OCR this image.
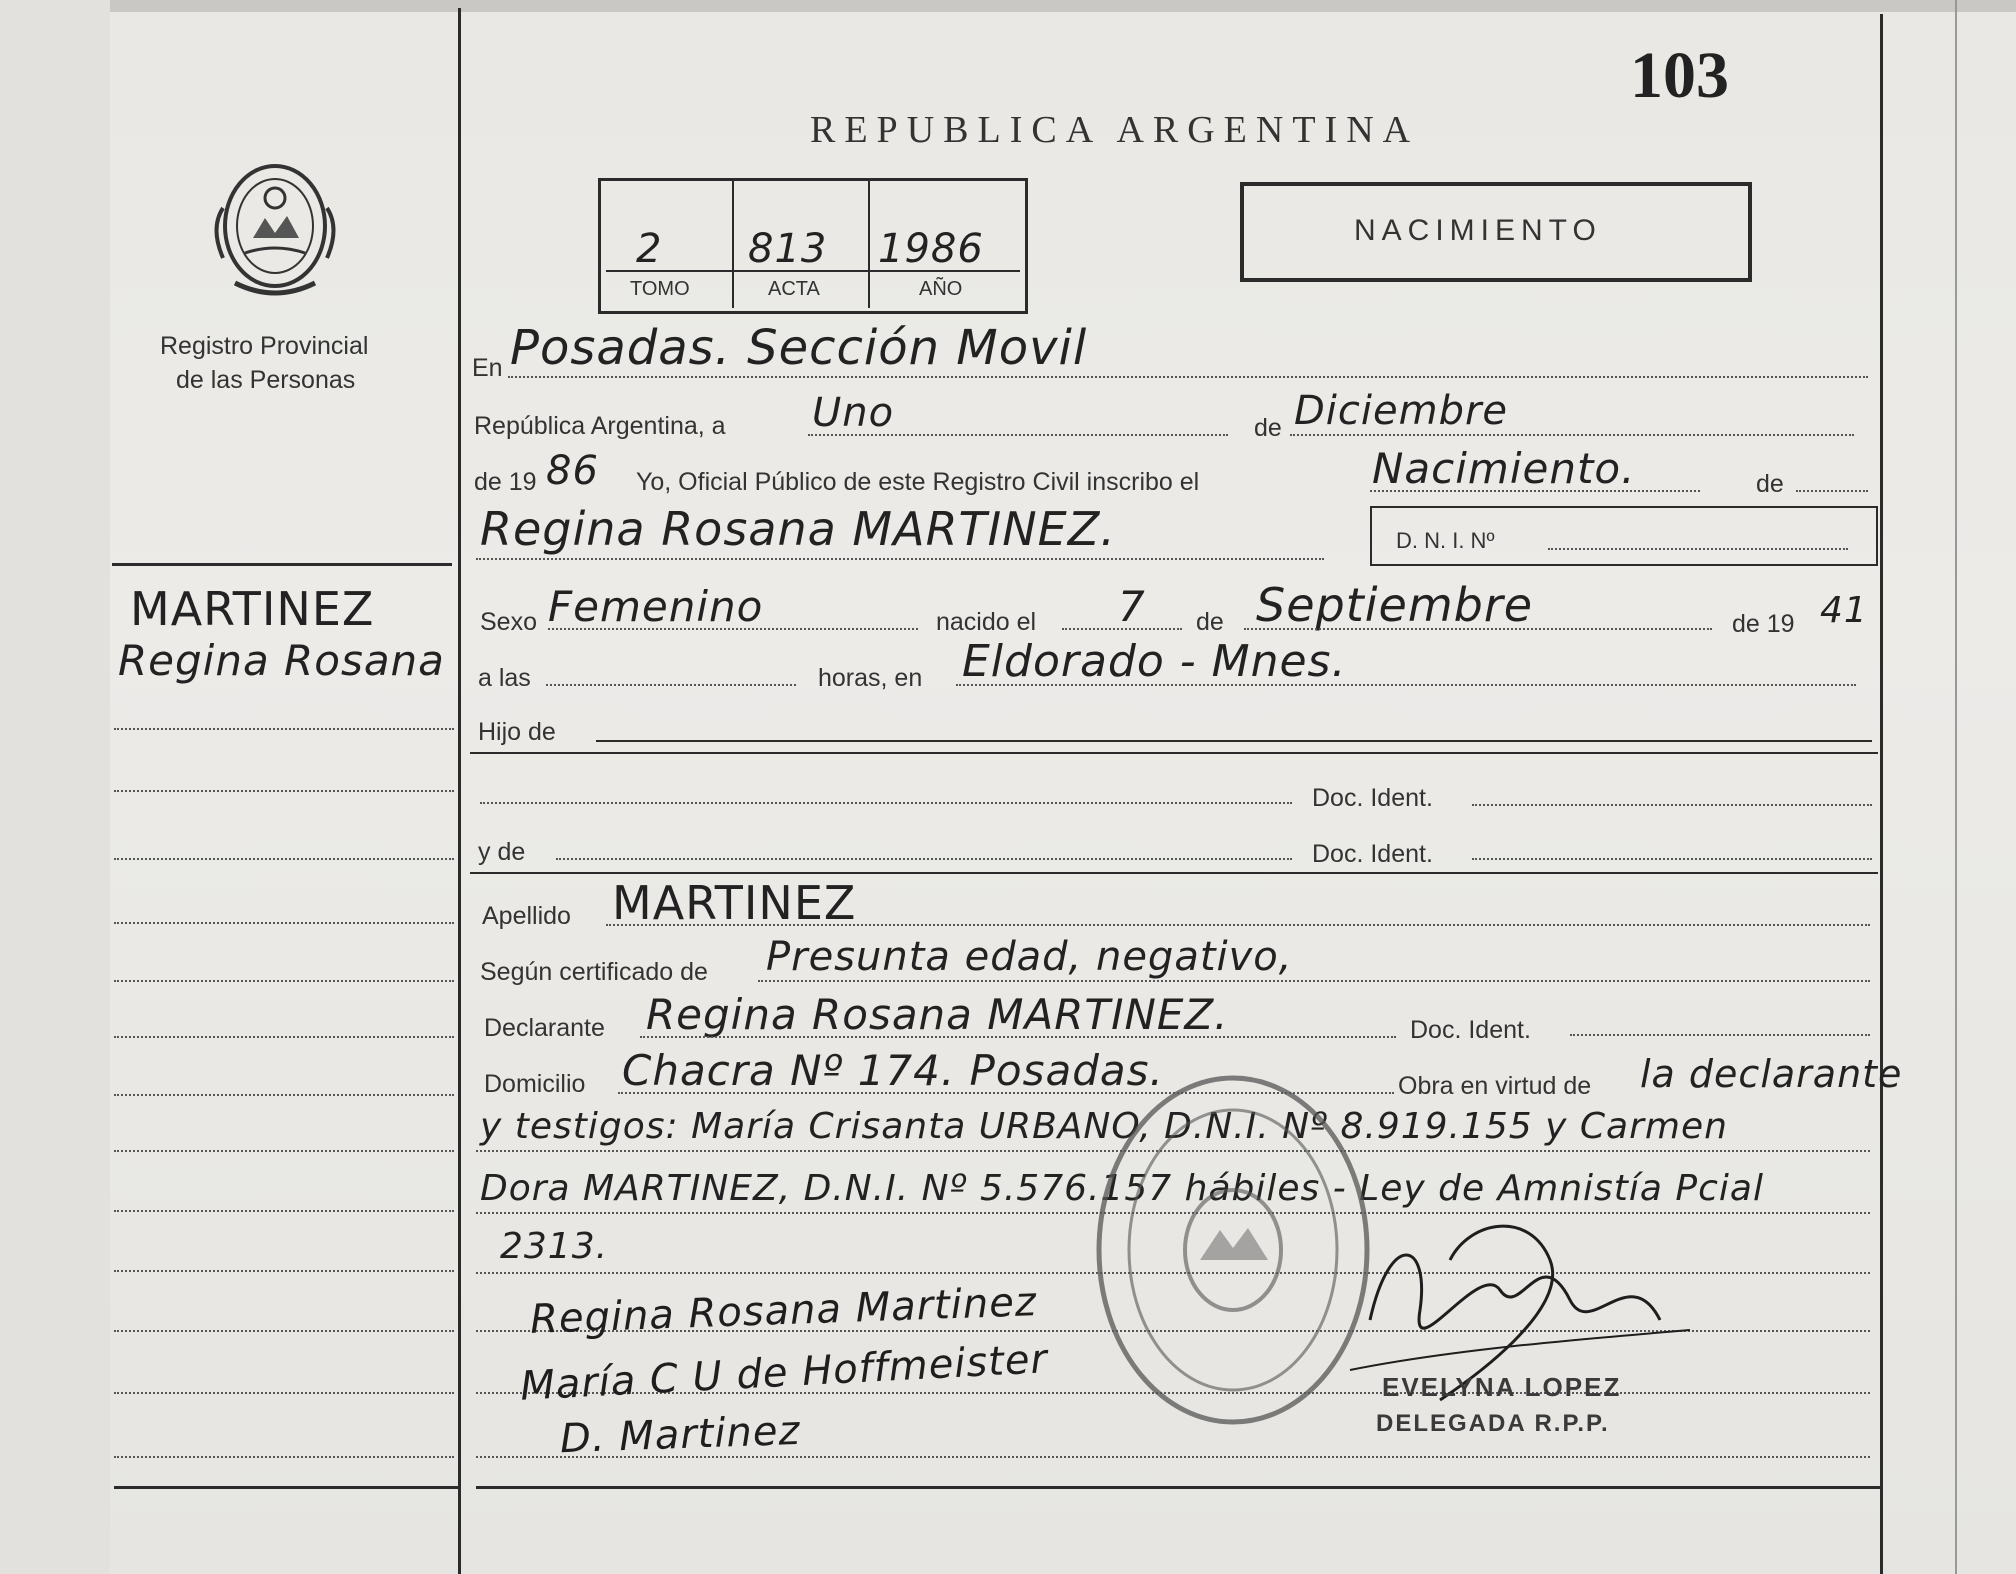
103
REPUBLICA ARGENTINA
Registro Provincial
de las Personas
2 813 1986
TOMO	ACTA	AÑO
NACIMIENTO
MARTINEZ
Regina Rosana
En Posadas. Sección Movil
República Argentina, a Uno	de Diciembre
de 19 86 Yo, Oficial Público de este Registro Civil inscribo el	Nacimiento.	de
Regina Rosana MARTINEZ.	D. N. I. Nº
Sexo Femenino	nacido el 7 de Septiembre	de 19 41
a las	horas, en Eldorado - Mnes.
Hijo de
Doc. Ident.
y de	Doc. Ident.
Apellido MARTINEZ
Según certificado de Presunta edad, negativo,
Declarante Regina Rosana MARTINEZ.	Doc. Ident.
Domicilio Chacra Nº 174. Posadas.	Obra en virtud de la declarante
y testigos: María Crisanta URBANO, D.N.I. Nº 8.919.155 y Carmen
Dora MARTINEZ, D.N.I. Nº 5.576.157 hábiles - Ley de Amnistía Pcial
2313.
Regina Rosana Martinez
María C U de Hoffmeister
D. Martinez
EVELYNA LOPEZ
DELEGADA R.P.P.
